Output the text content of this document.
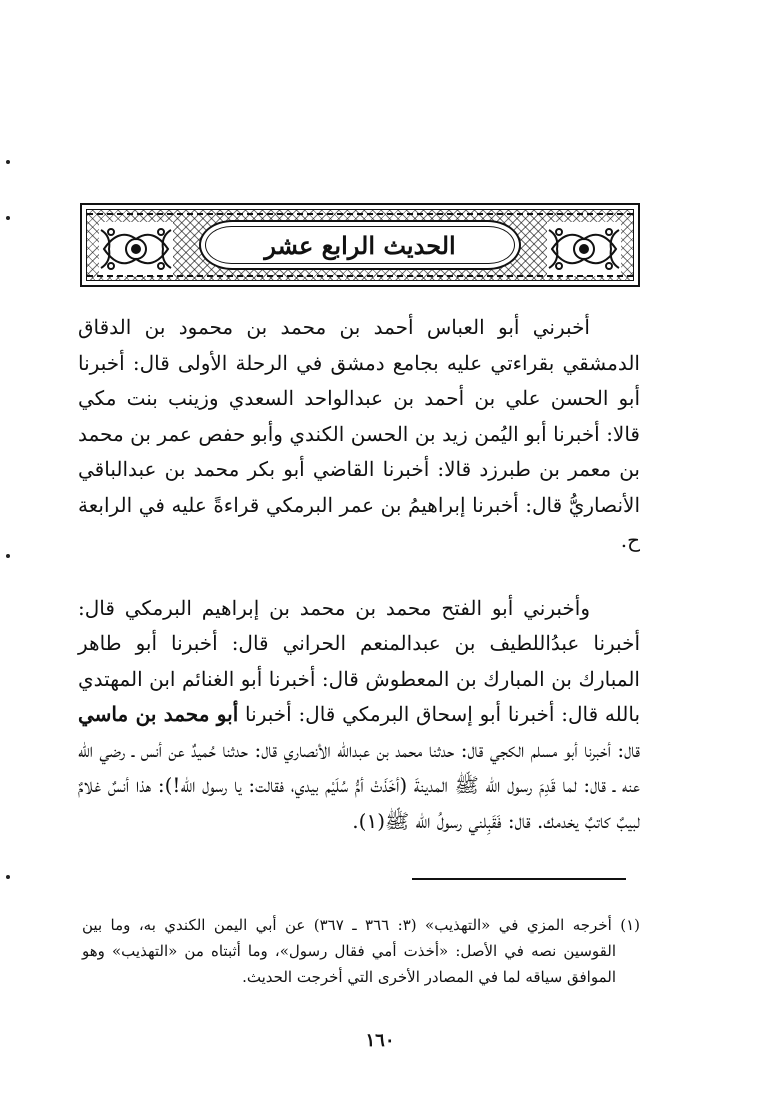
الحديث الرابع عشر

أخبرني أبو العباس أحمد بن محمد بن محمود بن الدقاق الدمشقي بقراءتي عليه بجامع دمشق في الرحلة الأولى قال: أخبرنا أبو الحسن علي بن أحمد بن عبدالواحد السعدي وزينب بنت مكي قالا: أخبرنا أبو اليُمن زيد بن الحسن الكندي وأبو حفص عمر بن محمد بن معمر بن طبرزد قالا: أخبرنا القاضي أبو بكر محمد بن عبدالباقي الأنصاريُّ قال: أخبرنا إبراهيمُ بن عمر البرمكي قراءةً عليه في الرابعة ح.

وأخبرني أبو الفتح محمد بن محمد بن إبراهيم البرمكي قال: أخبرنا عبدُاللطيف بن عبدالمنعم الحراني قال: أخبرنا أبو طاهر المبارك بن المبارك بن المعطوش قال: أخبرنا أبو الغنائم ابن المهتدي بالله قال: أخبرنا أبو إسحاق البرمكي قال: أخبرنا أبو محمد بن ماسي قال: أخبرنا أبو مسلم الكجي قال: حدثنا محمد بن عبدالله الأنصاري قال: حدثنا حُميدٌ عن أنس ـ رضي الله عنه ـ قال: لما قَدِمَ رسول الله ﷺ المدينةَ (أخَذَتْ أمُّ سُلَيْم بيدي، فقالت: يا رسول الله!): هذا أنسٌ غلامٌ لبيبٌ كاتبٌ يخدمك. قال: فَقَبِلني رسولُ الله ﷺ(١).

(١) أخرجه المزي في «التهذيب» (٣: ٣٦٦ ـ ٣٦٧) عن أبي اليمن الكندي به، وما بين القوسين نصه في الأصل: «أخذت أمي فقال رسول»، وما أثبتاه من «التهذيب» وهو الموافق سياقه لما في المصادر الأخرى التي أخرجت الحديث.

١٦٠
